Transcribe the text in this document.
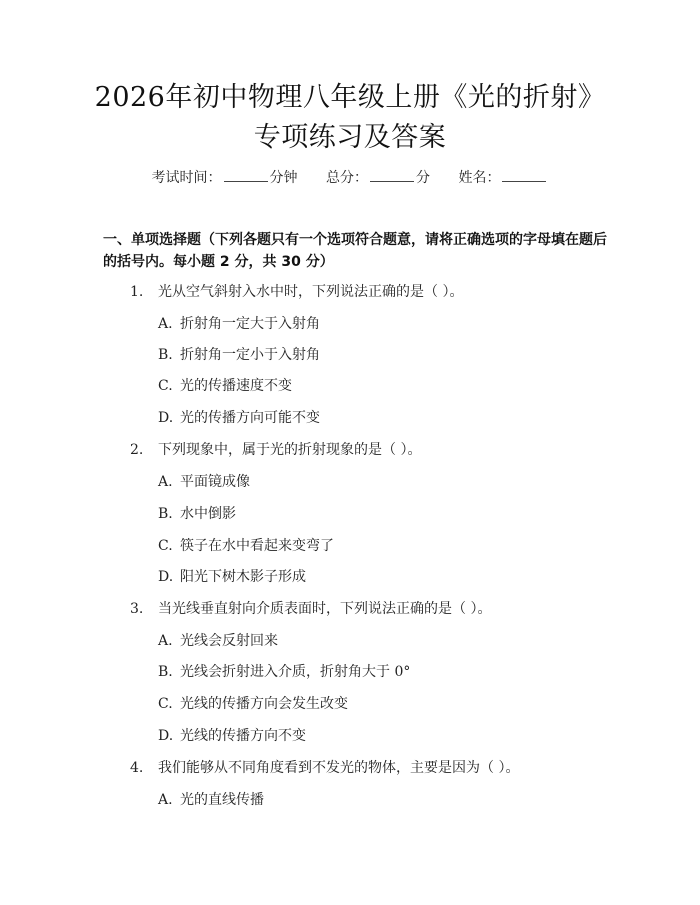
2026年初中物理八年级上册《光的折射》专项练习及答案
考试时间：	分钟 总分：	分 姓名：
一、单项选择题（下列各题只有一个选项符合题意，请将正确选项的字母填在题后的括号内。每小题 2 分，共 30 分）
1. 光从空气斜射入水中时，下列说法正确的是（ ）。
A. 折射角一定大于入射角
B. 折射角一定小于入射角
C. 光的传播速度不变
D. 光的传播方向可能不变
2. 下列现象中，属于光的折射现象的是（ ）。
A. 平面镜成像
B. 水中倒影
C. 筷子在水中看起来变弯了
D. 阳光下树木影子形成
3. 当光线垂直射向介质表面时，下列说法正确的是（ ）。
A. 光线会反射回来
B. 光线会折射进入介质，折射角大于 0°
C. 光线的传播方向会发生改变
D. 光线的传播方向不变
4. 我们能够从不同角度看到不发光的物体，主要是因为（ ）。
A. 光的直线传播
